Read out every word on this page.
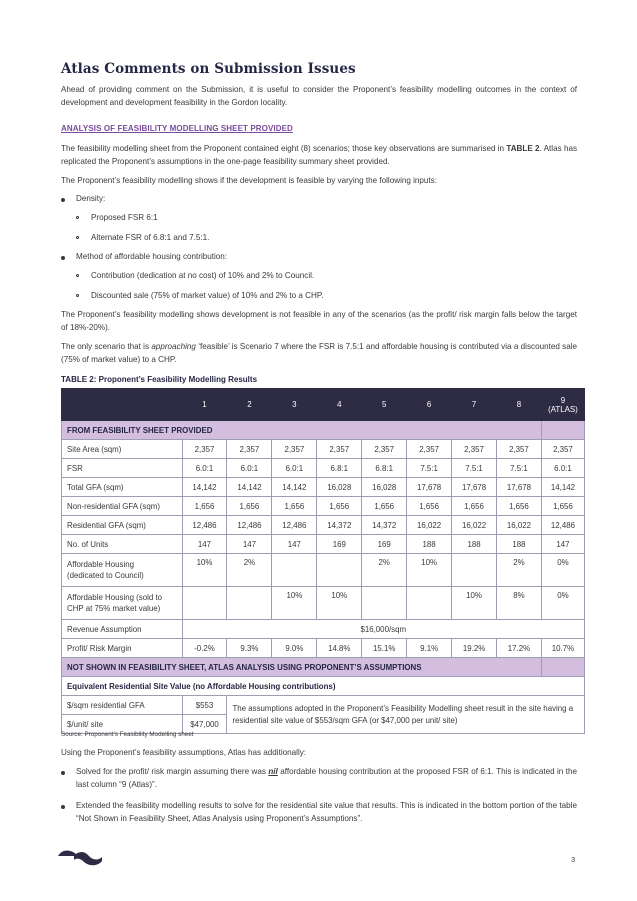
Atlas Comments on Submission Issues

Ahead of providing comment on the Submission, it is useful to consider the Proponent’s feasibility modelling outcomes in the context of development and development feasibility in the Gordon locality.

ANALYSIS OF FEASIBILITY MODELLING SHEET PROVIDED

The feasibility modelling sheet from the Proponent contained eight (8) scenarios; those key observations are summarised in TABLE 2. Atlas has replicated the Proponent’s assumptions in the one-page feasibility summary sheet provided.

The Proponent’s feasibility modelling shows if the development is feasible by varying the following inputs:

Density:
Proposed FSR 6:1
Alternate FSR of 6.8:1 and 7.5:1.
Method of affordable housing contribution:
Contribution (dedication at no cost) of 10% and 2% to Council.
Discounted sale (75% of market value) of 10% and 2% to a CHP.

The Proponent’s feasibility modelling shows development is not feasible in any of the scenarios (as the profit/ risk margin falls below the target of 18%-20%).

The only scenario that is approaching ‘feasible’ is Scenario 7 where the FSR is 7.5:1 and affordable housing is contributed via a discounted sale (75% of market value) to a CHP.

TABLE 2: Proponent’s Feasibility Modelling Results
	1	2	3	4	5	6	7	8	9
(ATLAS)

FROM FEASIBILITY SHEET PROVIDED									
Site Area (sqm)	2,357	2,357	2,357	2,357	2,357	2,357	2,357	2,357	2,357
FSR	6.0:1	6.0:1	6.0:1	6.8:1	6.8:1	7.5:1	7.5:1	7.5:1	6.0:1
Total GFA (sqm)	14,142	14,142	14,142	16,028	16,028	17,678	17,678	17,678	14,142
Non-residential GFA (sqm)	1,656	1,656	1,656	1,656	1,656	1,656	1,656	1,656	1,656
Residential GFA (sqm)	12,486	12,486	12,486	14,372	14,372	16,022	16,022	16,022	12,486
No. of Units	147	147	147	169	169	188	188	188	147

Affordable Housing
(dedicated to Council)	10%	2%			2%	10%		2%	0%

Affordable Housing (sold to
CHP at 75% market value)			10%	10%			10%	8%	0%
Revenue Assumption	$16,000/sqm								
Profit/ Risk Margin	-0.2%	9.3%	9.0%	14.8%	15.1%	9.1%	19.2%	17.2%	10.7%
NOT SHOWN IN FEASIBILITY SHEET, ATLAS ANALYSIS USING PROPONENT’S ASSUMPTIONS									
Equivalent Residential Site Value (no Affordable Housing contributions)									
$/sqm residential GFA	$553	The assumptions adopted in the Proponent’s Feasibility Modelling sheet result in the site having a residential site value of $553/sqm GFA (or $47,000 per unit/ site)							
$/unit/ site	$47,000								
Source: Proponent’s Feasibility Modelling sheet

Using the Proponent’s feasibility assumptions, Atlas has additionally:

Solved for the profit/ risk margin assuming there was nil affordable housing contribution at the proposed FSR of 6:1. This is indicated in the last column “9 (Atlas)”.

Extended the feasibility modelling results to solve for the residential site value that results. This is indicated in the bottom portion of the table “Not Shown in Feasibility Sheet, Atlas Analysis using Proponent’s Assumptions”.

3
